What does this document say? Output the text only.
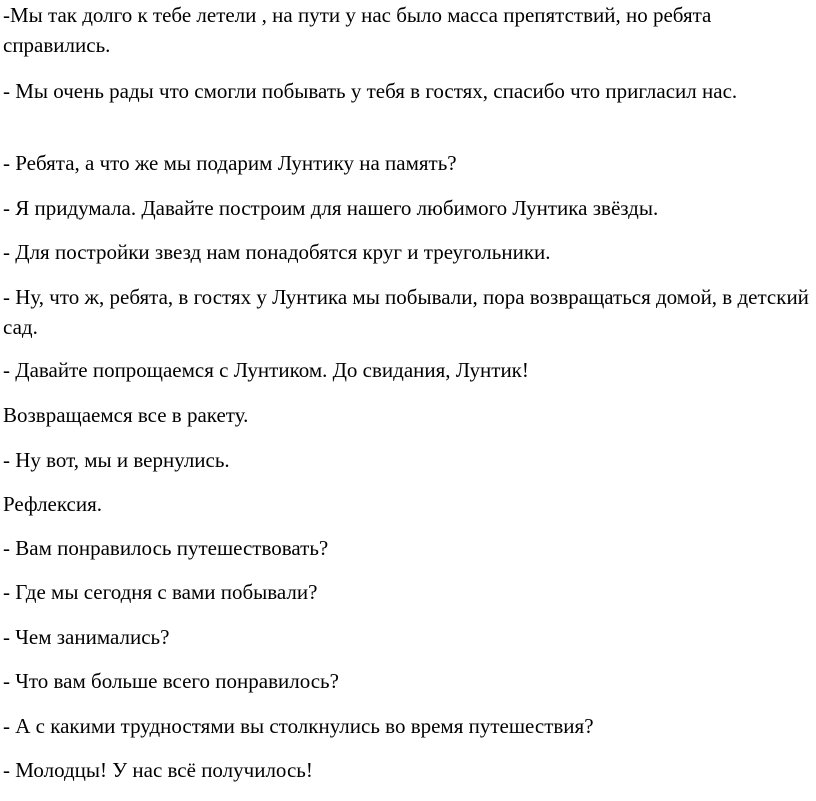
-Мы так долго к тебе летели , на пути у нас было масса препятствий, но ребята справились.

- Мы очень рады что смогли побывать у тебя в гостях, спасибо что пригласил нас.

- Ребята, а что же мы подарим Лунтику на память?

- Я придумала. Давайте построим для нашего любимого Лунтика звёзды.

- Для постройки звезд нам понадобятся круг и треугольники.

- Ну, что ж, ребята, в гостях у Лунтика мы побывали, пора возвращаться домой, в детский сад.

- Давайте попрощаемся с Лунтиком. До свидания, Лунтик!

Возвращаемся все в ракету.

- Ну вот, мы и вернулись.

Рефлексия.

- Вам понравилось путешествовать?

- Где мы сегодня с вами побывали?

- Чем занимались?

- Что вам больше всего понравилось?

- А с какими трудностями вы столкнулись во время путешествия?

- Молодцы! У нас всё получилось!
